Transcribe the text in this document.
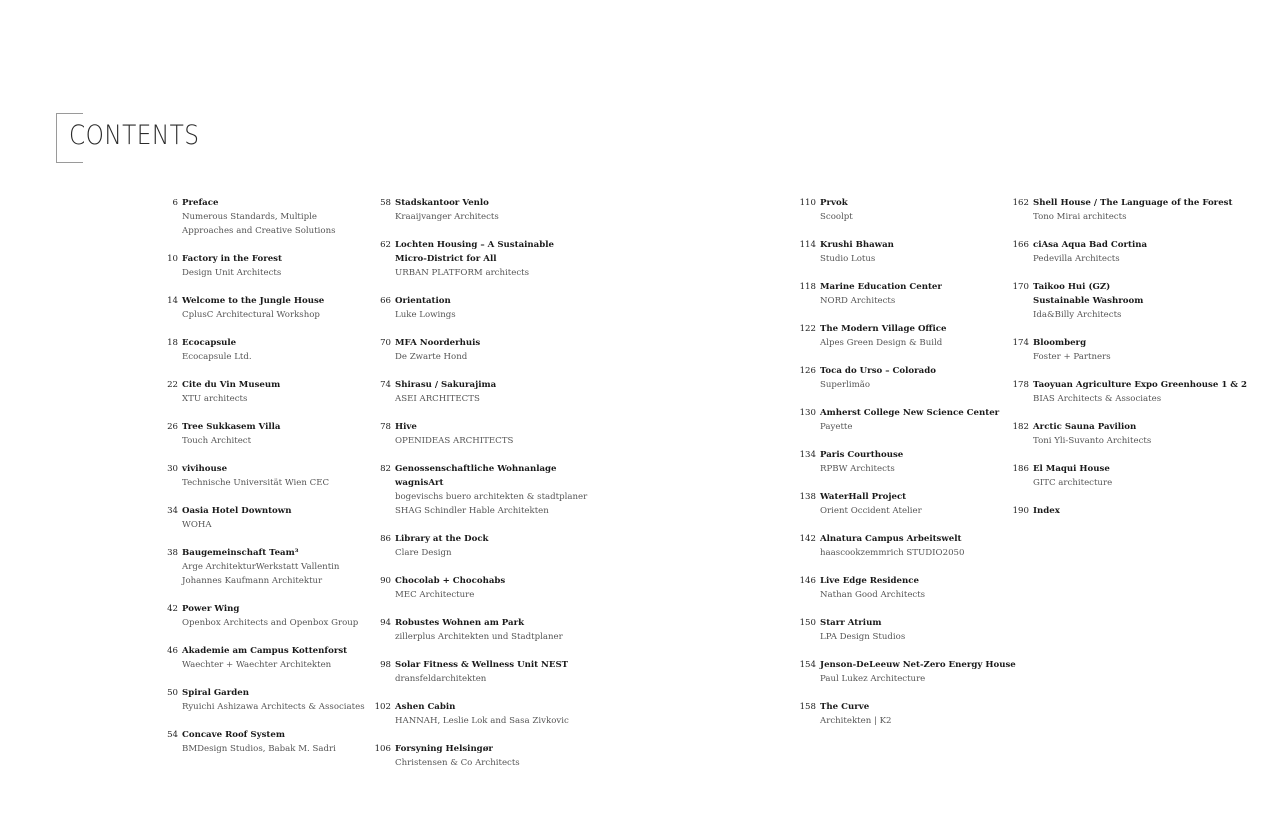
CONTENTS
6 Preface
Numerous Standards, Multiple
Approaches and Creative Solutions
10 Factory in the Forest
Design Unit Architects
14 Welcome to the Jungle House
CplusC Architectural Workshop
18 Ecocapsule
Ecocapsule Ltd.
22 Cite du Vin Museum
XTU architects
26 Tree Sukkasem Villa
Touch Architect
30 vivihouse
Technische Universität Wien CEC
34 Oasia Hotel Downtown
WOHA
38 Baugemeinschaft Team³
Arge ArchitekturWerkstatt Vallentin
Johannes Kaufmann Architektur
42 Power Wing
Openbox Architects and Openbox Group
46 Akademie am Campus Kottenforst
Waechter + Waechter Architekten
50 Spiral Garden
Ryuichi Ashizawa Architects & Associates
54 Concave Roof System
BMDesign Studios, Babak M. Sadri
58 Stadskantoor Venlo
Kraaijvanger Architects
62 Lochten Housing – A Sustainable
Micro-District for All
URBAN PLATFORM architects
66 Orientation
Luke Lowings
70 MFA Noorderhuis
De Zwarte Hond
74 Shirasu / Sakurajima
ASEI ARCHITECTS
78 Hive
OPENIDEAS ARCHITECTS
82 Genossenschaftliche Wohnanlage
wagnisArt
bogevischs buero architekten & stadtplaner
SHAG Schindler Hable Architekten
86 Library at the Dock
Clare Design
90 Chocolab + Chocohabs
MEC Architecture
94 Robustes Wohnen am Park
zillerplus Architekten und Stadtplaner
98 Solar Fitness & Wellness Unit NEST
dransfeldarchitekten
102 Ashen Cabin
HANNAH, Leslie Lok and Sasa Zivkovic
106 Forsyning Helsingør
Christensen & Co Architects
110 Prvok
Scoolpt
114 Krushi Bhawan
Studio Lotus
118 Marine Education Center
NORD Architects
122 The Modern Village Office
Alpes Green Design & Build
126 Toca do Urso – Colorado
Superlimão
130 Amherst College New Science Center
Payette
134 Paris Courthouse
RPBW Architects
138 WaterHall Project
Orient Occident Atelier
142 Alnatura Campus Arbeitswelt
haascookzemmrich STUDIO2050
146 Live Edge Residence
Nathan Good Architects
150 Starr Atrium
LPA Design Studios
154 Jenson-DeLeeuw Net-Zero Energy House
Paul Lukez Architecture
158 The Curve
Architekten | K2
162 Shell House / The Language of the Forest
Tono Mirai architects
166 ciAsa Aqua Bad Cortina
Pedevilla Architects
170 Taikoo Hui (GZ)
Sustainable Washroom
Ida&Billy Architects
174 Bloomberg
Foster + Partners
178 Taoyuan Agriculture Expo Greenhouse 1 & 2
BIAS Architects & Associates
182 Arctic Sauna Pavilion
Toni Yli-Suvanto Architects
186 El Maqui House
GITC architecture
190 Index
